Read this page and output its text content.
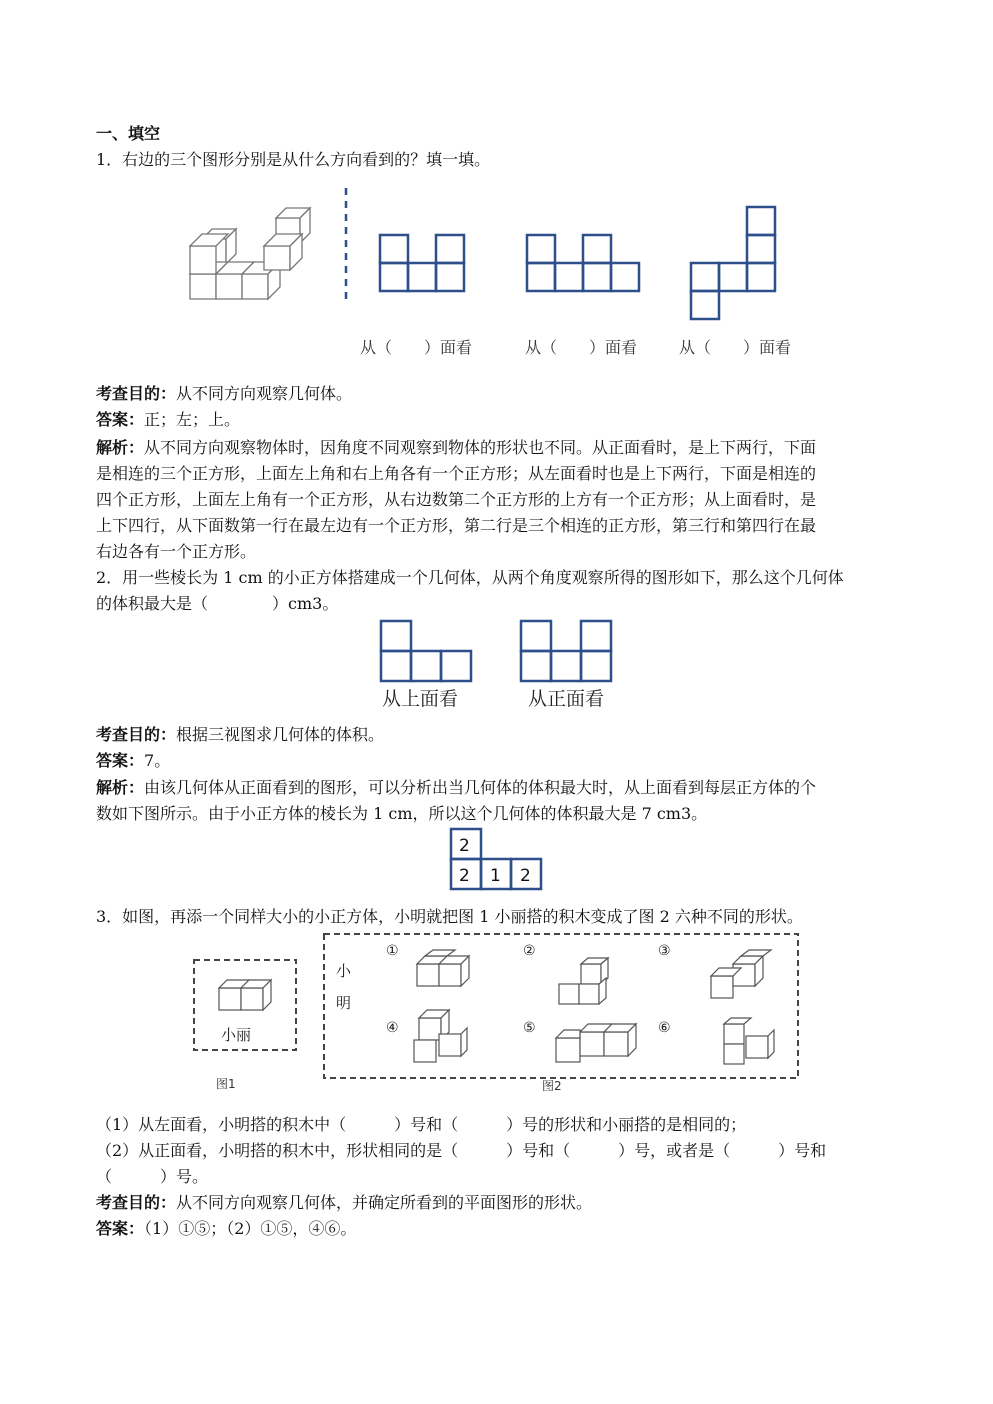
一、填空
1．右边的三个图形分别是从什么方向看到的？填一填。
从（　　）面看	从（　　）面看	从（　　）面看
考查目的：从不同方向观察几何体。
答案：正；左；上。
解析：从不同方向观察物体时，因角度不同观察到物体的形状也不同。从正面看时，是上下两行，下面
是相连的三个正方形，上面左上角和右上角各有一个正方形；从左面看时也是上下两行，下面是相连的
四个正方形，上面左上角有一个正方形，从右边数第二个正方形的上方有一个正方形；从上面看时，是
上下四行，从下面数第一行在最左边有一个正方形，第二行是三个相连的正方形，第三行和第四行在最
右边各有一个正方形。
2．用一些棱长为 1 cm 的小正方体搭建成一个几何体，从两个角度观察所得的图形如下，那么这个几何体
的体积最大是（　　　　）cm3。
从上面看	从正面看
考查目的：根据三视图求几何体的体积。
答案：7。
解析：由该几何体从正面看到的图形，可以分析出当几何体的体积最大时，从上面看到每层正方体的个
数如下图所示。由于小正方体的棱长为 1 cm，所以这个几何体的体积最大是 7 cm3。
2
2 1 2
3．如图，再添一个同样大小的小正方体，小明就把图 1 小丽搭的积木变成了图 2 六种不同的形状。
小丽
图1
小
明
①	②	③
④	⑤	⑥
图2
（1）从左面看，小明搭的积木中（　　　）号和（　　　）号的形状和小丽搭的是相同的；
（2）从正面看，小明搭的积木中，形状相同的是（　　　）号和（　　　）号，或者是（　　　）号和
（　　　）号。
考查目的：从不同方向观察几何体，并确定所看到的平面图形的形状。
答案：（1）①⑤；（2）①⑤，④⑥。
